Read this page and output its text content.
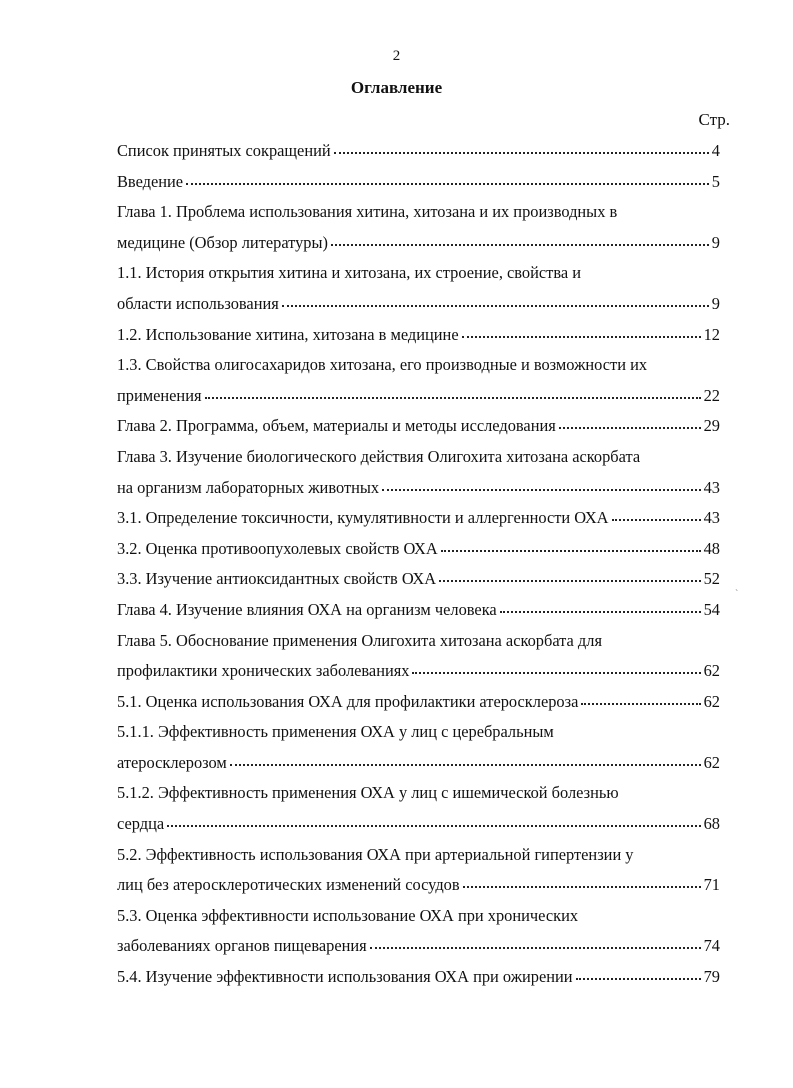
2
Оглавление
Стр.
Список принятых сокращений	4
Введение	5
Глава 1. Проблема использования хитина, хитозана и их производных в
медицине (Обзор литературы)	9
1.1. История открытия хитина и хитозана, их строение, свойства и
области использования	9
1.2. Использование хитина, хитозана в медицине	12
1.3. Свойства олигосахаридов хитозана, его производные и возможности их
применения	22
Глава 2. Программа, объем, материалы и методы исследования	29
Глава 3. Изучение биологического действия Олигохита хитозана аскорбата
на организм лабораторных животных	43
3.1. Определение токсичности, кумулятивности и аллергенности ОХА	43
3.2. Оценка противоопухолевых свойств ОХА	48
3.3. Изучение антиоксидантных свойств ОХА	52
Глава 4. Изучение влияния ОХА на организм человека	54
Глава 5. Обоснование применения Олигохита хитозана аскорбата для
профилактики хронических заболеваниях	62
5.1. Оценка использования ОХА для профилактики атеросклероза	62
5.1.1. Эффективность применения ОХА у лиц с церебральным
атеросклерозом	62
5.1.2. Эффективность применения ОХА у лиц с ишемической болезнью
сердца	68
5.2. Эффективность использования ОХА при артериальной гипертензии у
лиц без атеросклеротических изменений сосудов	71
5.3. Оценка эффективности использование ОХА при хронических
заболеваниях органов пищеварения	74
5.4. Изучение эффективности использования ОХА при ожирении	79
ˋ
